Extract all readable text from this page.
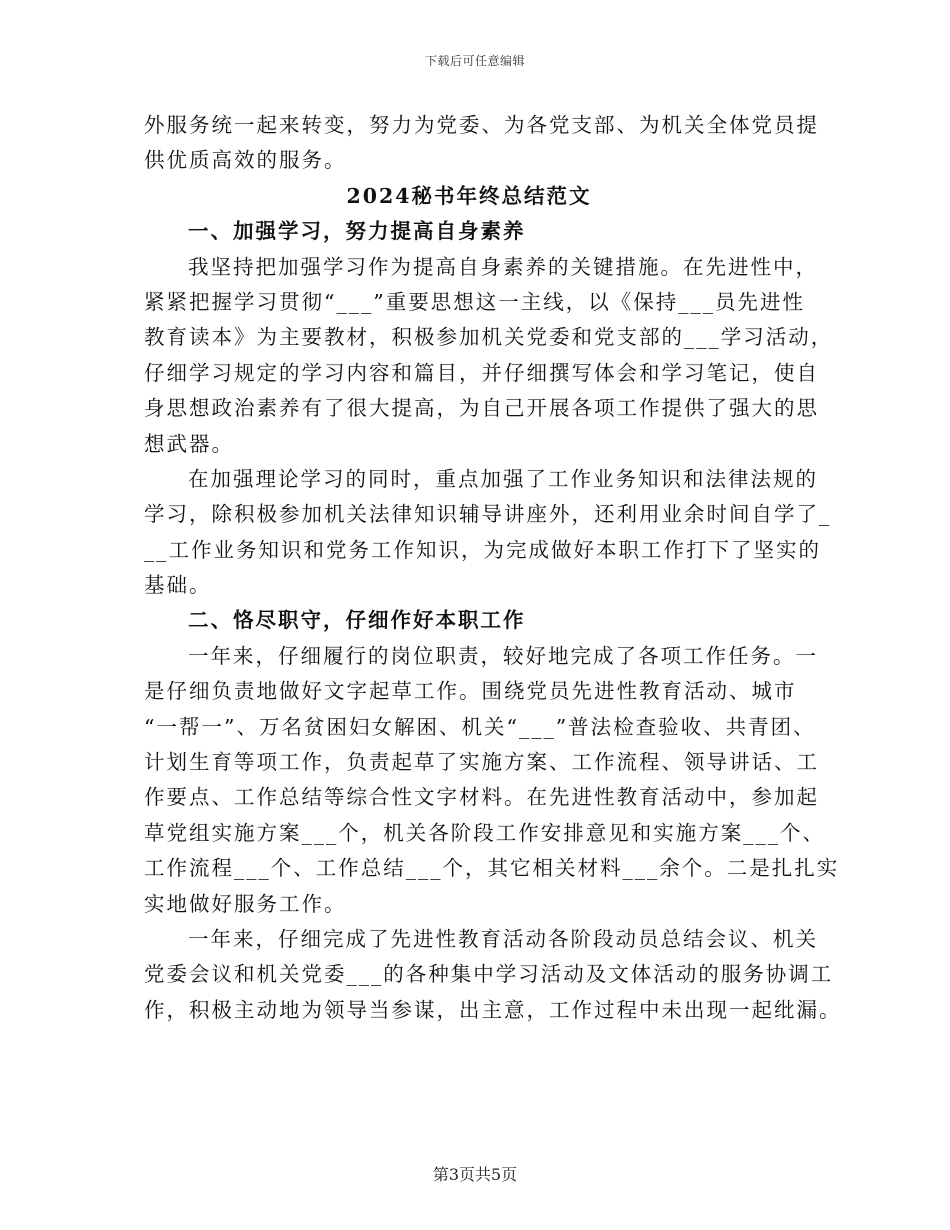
下载后可任意编辑
外服务统一起来转变，努力为党委、为各党支部、为机关全体党员提
供优质高效的服务。
2024秘书年终总结范文
一、加强学习，努力提高自身素养
我坚持把加强学习作为提高自身素养的关键措施。在先进性中，
紧紧把握学习贯彻“___”重要思想这一主线，以《保持___员先进性
教育读本》为主要教材，积极参加机关党委和党支部的___学习活动，
仔细学习规定的学习内容和篇目，并仔细撰写体会和学习笔记，使自
身思想政治素养有了很大提高，为自己开展各项工作提供了强大的思
想武器。
在加强理论学习的同时，重点加强了工作业务知识和法律法规的
学习，除积极参加机关法律知识辅导讲座外，还利用业余时间自学了_
__工作业务知识和党务工作知识，为完成做好本职工作打下了坚实的
基础。
二、恪尽职守，仔细作好本职工作
一年来，仔细履行的岗位职责，较好地完成了各项工作任务。一
是仔细负责地做好文字起草工作。围绕党员先进性教育活动、城市
“一帮一”、万名贫困妇女解困、机关“___”普法检查验收、共青团、
计划生育等项工作，负责起草了实施方案、工作流程、领导讲话、工
作要点、工作总结等综合性文字材料。在先进性教育活动中，参加起
草党组实施方案___个，机关各阶段工作安排意见和实施方案___个、
工作流程___个、工作总结___个，其它相关材料___余个。二是扎扎实
实地做好服务工作。
一年来，仔细完成了先进性教育活动各阶段动员总结会议、机关
党委会议和机关党委___的各种集中学习活动及文体活动的服务协调工
作，积极主动地为领导当参谋，出主意，工作过程中未出现一起纰漏。
第3页共5页
